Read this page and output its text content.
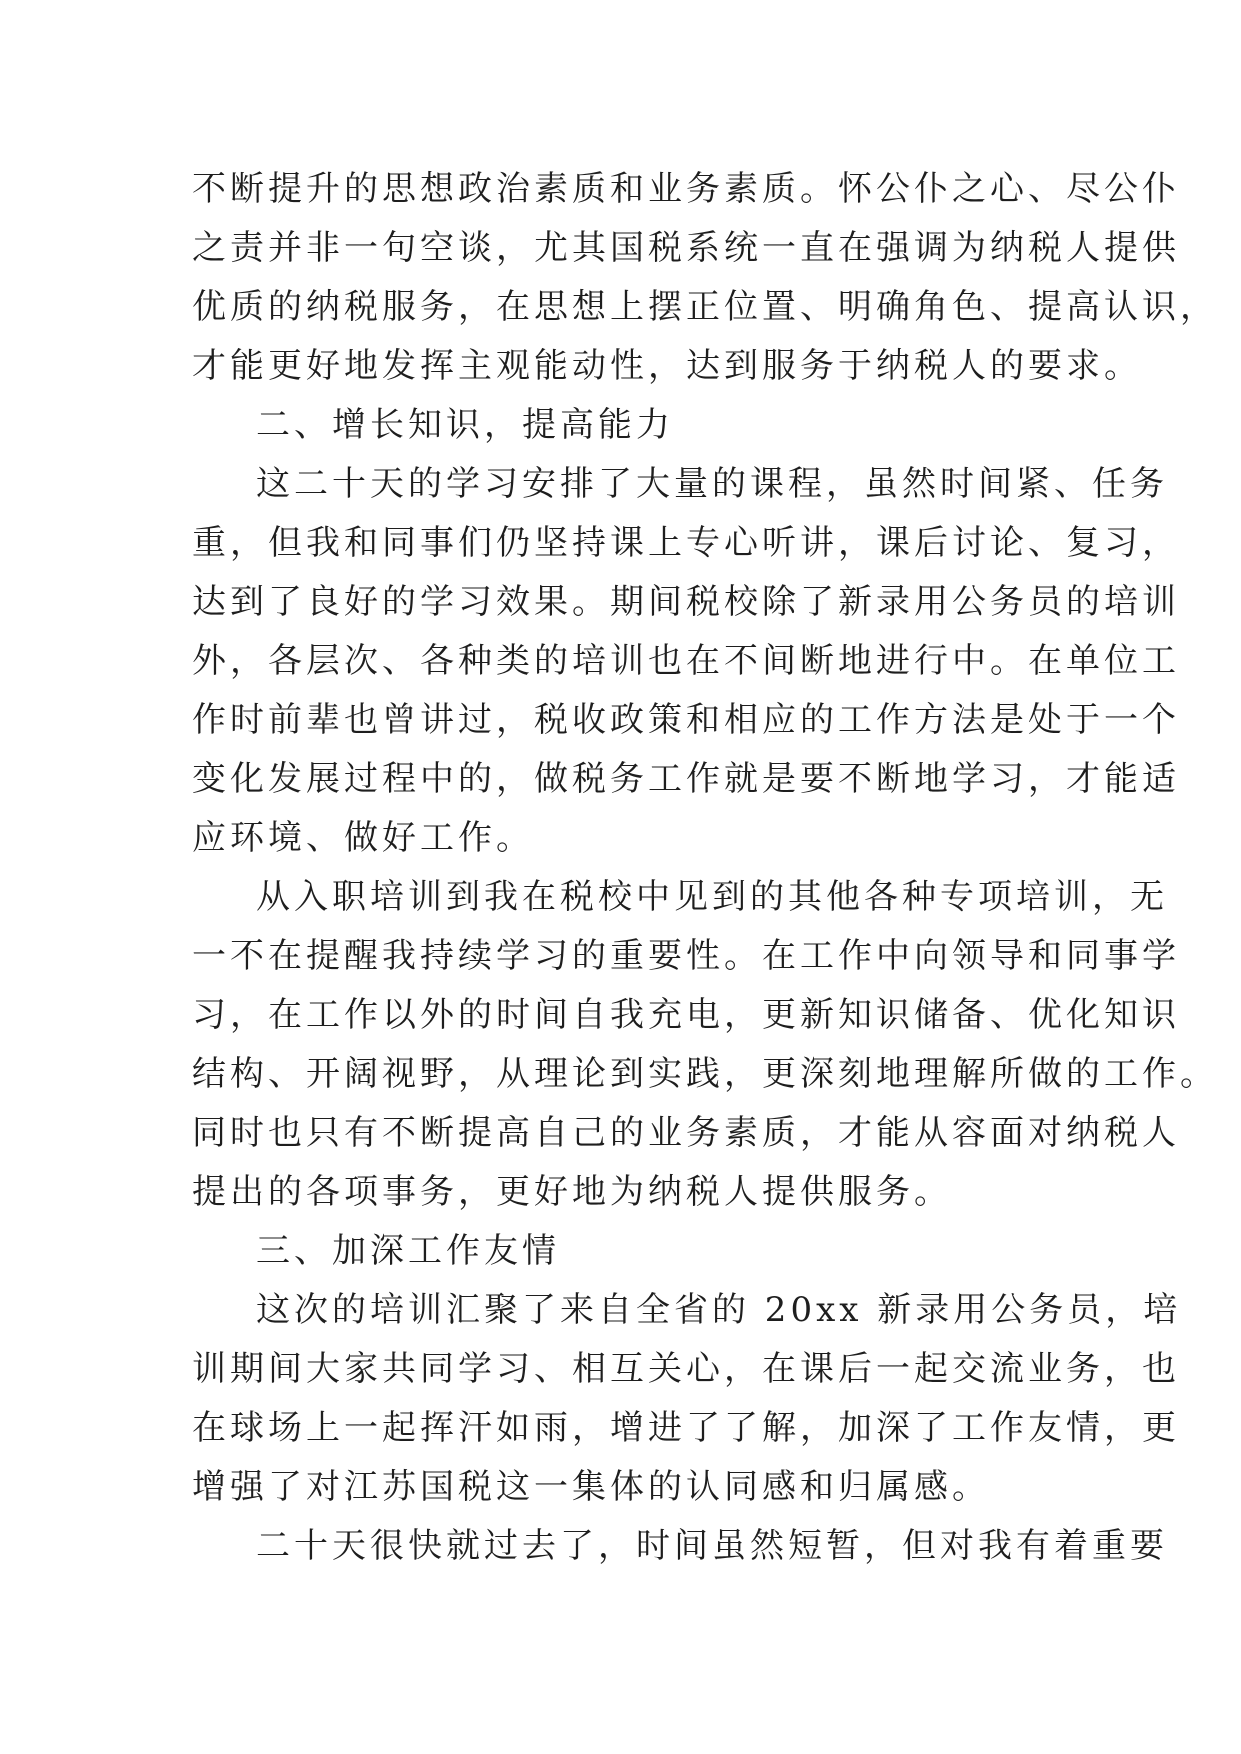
不断提升的思想政治素质和业务素质。怀公仆之心、尽公仆
之责并非一句空谈，尤其国税系统一直在强调为纳税人提供
优质的纳税服务，在思想上摆正位置、明确角色、提高认识，
才能更好地发挥主观能动性，达到服务于纳税人的要求。
二、增长知识，提高能力
这二十天的学习安排了大量的课程，虽然时间紧、任务
重，但我和同事们仍坚持课上专心听讲，课后讨论、复习，
达到了良好的学习效果。期间税校除了新录用公务员的培训
外，各层次、各种类的培训也在不间断地进行中。在单位工
作时前辈也曾讲过，税收政策和相应的工作方法是处于一个
变化发展过程中的，做税务工作就是要不断地学习，才能适
应环境、做好工作。
从入职培训到我在税校中见到的其他各种专项培训，无
一不在提醒我持续学习的重要性。在工作中向领导和同事学
习，在工作以外的时间自我充电，更新知识储备、优化知识
结构、开阔视野，从理论到实践，更深刻地理解所做的工作。
同时也只有不断提高自己的业务素质，才能从容面对纳税人
提出的各项事务，更好地为纳税人提供服务。
三、加深工作友情
这次的培训汇聚了来自全省的 20xx 新录用公务员，培
训期间大家共同学习、相互关心，在课后一起交流业务，也
在球场上一起挥汗如雨，增进了了解，加深了工作友情，更
增强了对江苏国税这一集体的认同感和归属感。
二十天很快就过去了，时间虽然短暂，但对我有着重要
